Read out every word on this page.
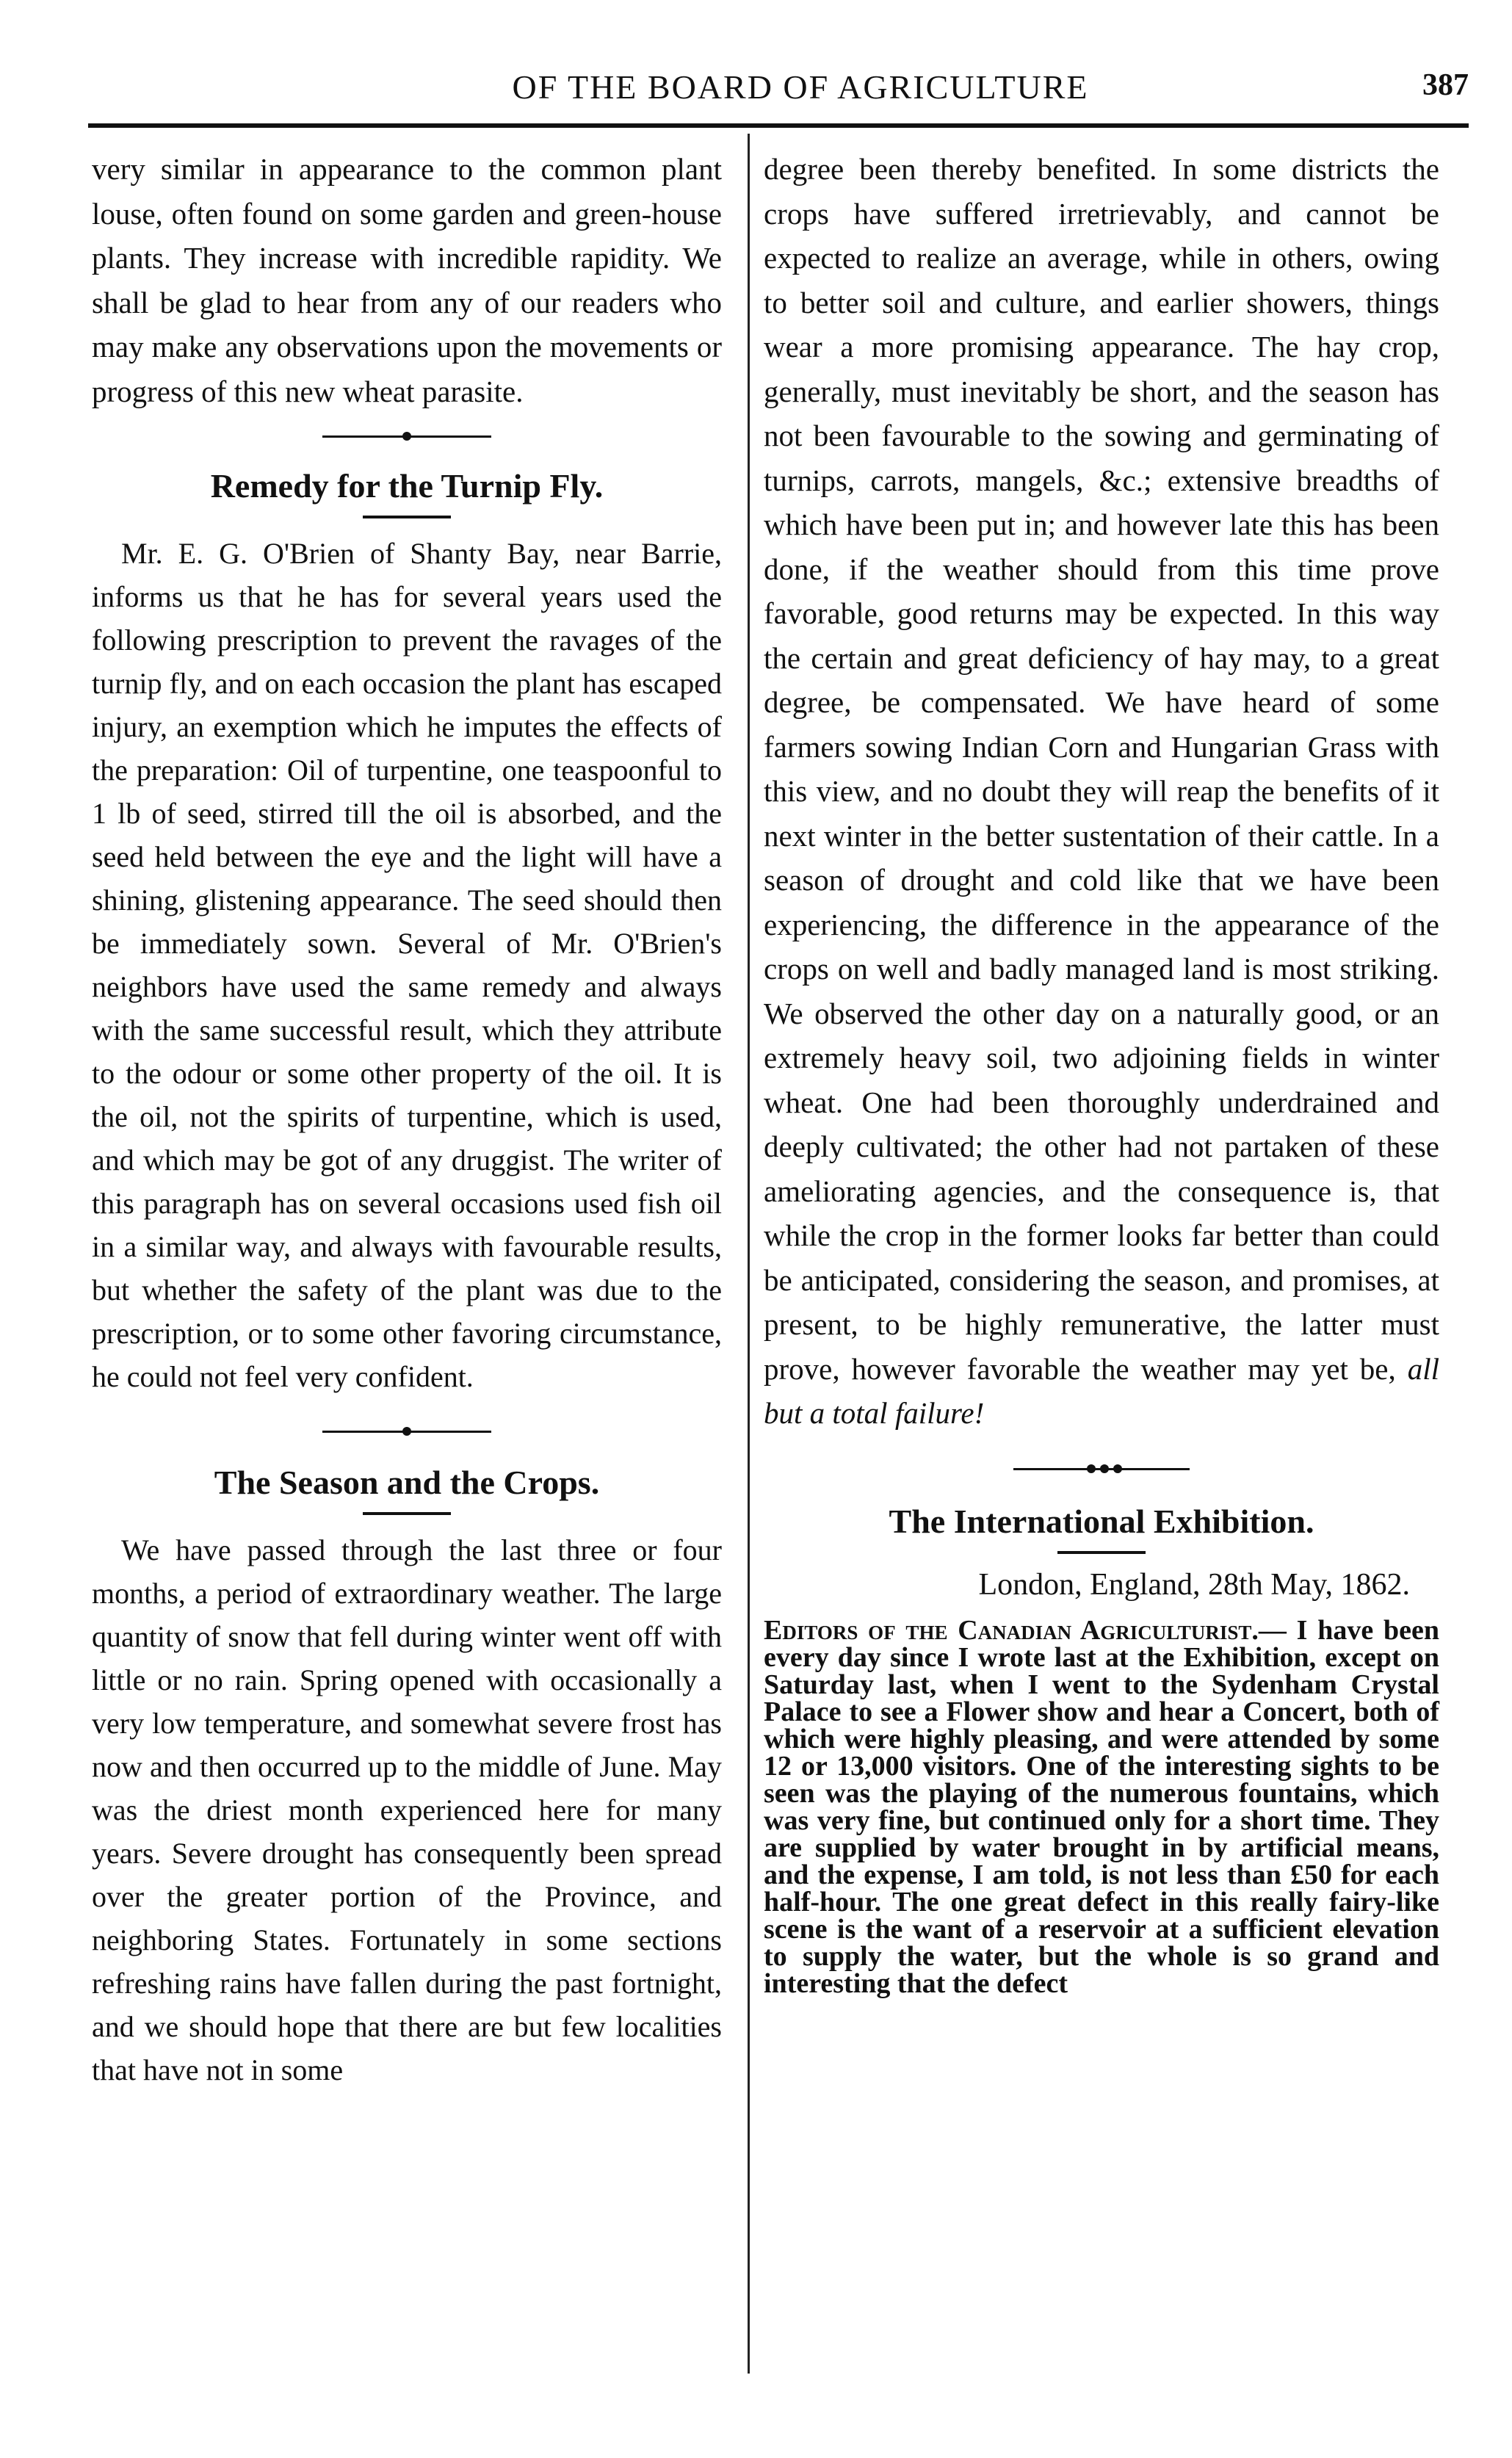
OF THE BOARD OF AGRICULTURE	387

very similar in appearance to the common plant louse, often found on some garden and green-house plants. They increase with incredible rapidity. We shall be glad to hear from any of our readers who may make any observations upon the movements or progress of this new wheat parasite.

Remedy for the Turnip Fly.

Mr. E. G. O'Brien of Shanty Bay, near Barrie, informs us that he has for several years used the following prescription to prevent the ravages of the turnip fly, and on each occasion the plant has escaped injury, an exemption which he imputes the effects of the preparation: Oil of turpentine, one teaspoonful to 1 lb of seed, stirred till the oil is absorbed, and the seed held between the eye and the light will have a shining, glistening appearance. The seed should then be immediately sown. Several of Mr. O'Brien's neighbors have used the same remedy and always with the same successful result, which they attribute to the odour or some other property of the oil. It is the oil, not the spirits of turpentine, which is used, and which may be got of any druggist. The writer of this paragraph has on several occasions used fish oil in a similar way, and always with favourable results, but whether the safety of the plant was due to the prescription, or to some other favoring circumstance, he could not feel very confident.

The Season and the Crops.

We have passed through the last three or four months, a period of extraordinary weather. The large quantity of snow that fell during winter went off with little or no rain. Spring opened with occasionally a very low temperature, and somewhat severe frost has now and then occurred up to the middle of June. May was the driest month experienced here for many years. Severe drought has consequently been spread over the greater portion of the Province, and neighboring States. Fortunately in some sections refreshing rains have fallen during the past fortnight, and we should hope that there are but few localities that have not in some

degree been thereby benefited. In some districts the crops have suffered irretrievably, and cannot be expected to realize an average, while in others, owing to better soil and culture, and earlier showers, things wear a more promising appearance. The hay crop, generally, must inevitably be short, and the season has not been favourable to the sowing and germinating of turnips, carrots, mangels, &c.; extensive breadths of which have been put in; and however late this has been done, if the weather should from this time prove favorable, good returns may be expected. In this way the certain and great deficiency of hay may, to a great degree, be compensated. We have heard of some farmers sowing Indian Corn and Hungarian Grass with this view, and no doubt they will reap the benefits of it next winter in the better sustentation of their cattle. In a season of drought and cold like that we have been experiencing, the difference in the appearance of the crops on well and badly managed land is most striking. We observed the other day on a naturally good, or an extremely heavy soil, two adjoining fields in winter wheat. One had been thoroughly underdrained and deeply cultivated; the other had not partaken of these ameliorating agencies, and the consequence is, that while the crop in the former looks far better than could be anticipated, considering the season, and promises, at present, to be highly remunerative, the latter must prove, however favorable the weather may yet be, all but a total failure!

The International Exhibition.
London, England, 28th May, 1862.

Editors of the Canadian Agriculturist.— I have been every day since I wrote last at the Exhibition, except on Saturday last, when I went to the Sydenham Crystal Palace to see a Flower show and hear a Concert, both of which were highly pleasing, and were attended by some 12 or 13,000 visitors. One of the interesting sights to be seen was the playing of the numerous fountains, which was very fine, but continued only for a short time. They are supplied by water brought in by artificial means, and the expense, I am told, is not less than £50 for each half-hour. The one great defect in this really fairy-like scene is the want of a reservoir at a sufficient elevation to supply the water, but the whole is so grand and interesting that the defect
